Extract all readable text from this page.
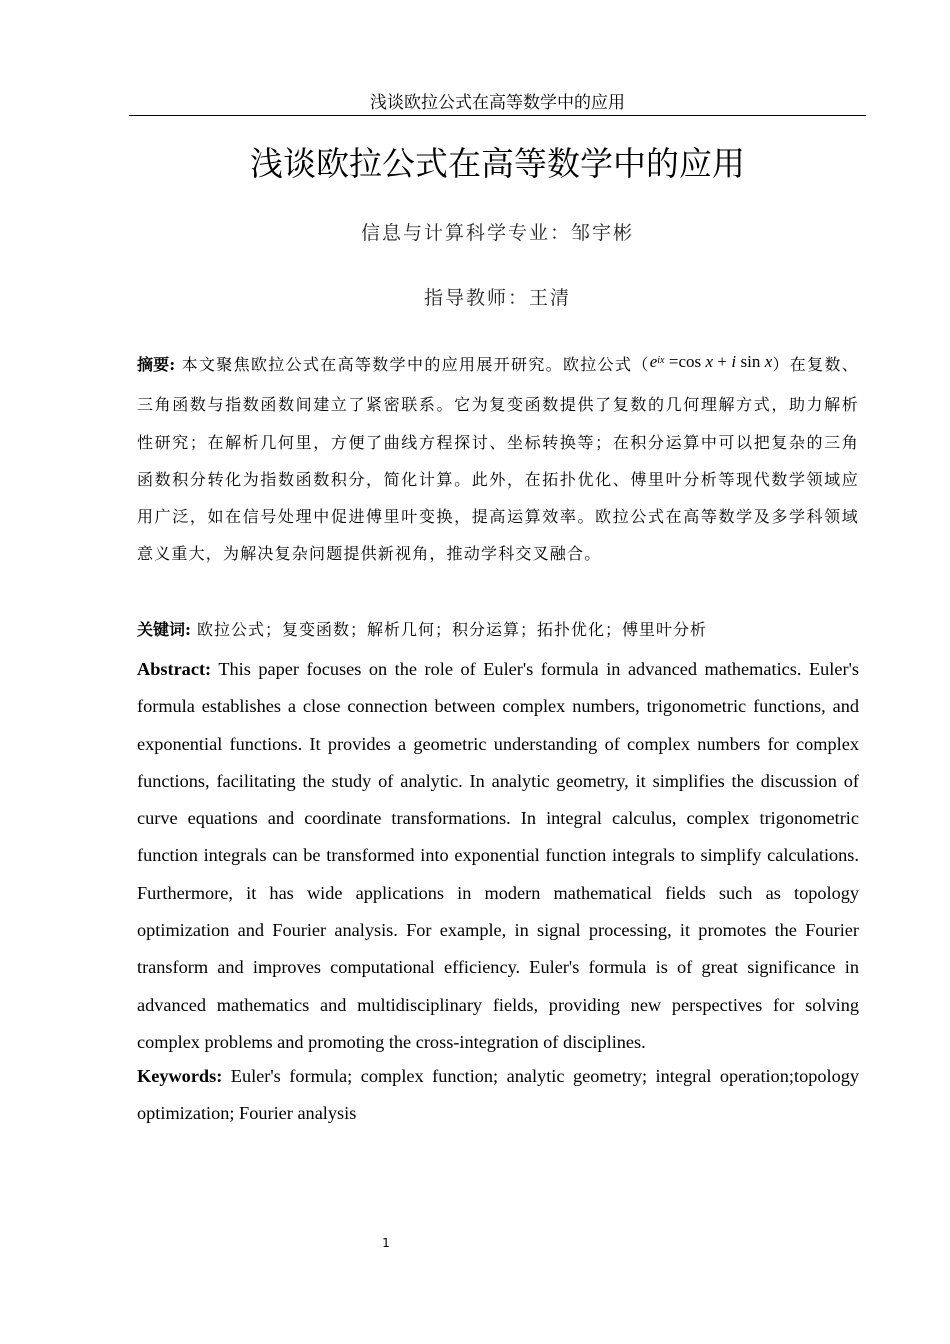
浅谈欧拉公式在高等数学中的应用
浅谈欧拉公式在高等数学中的应用
信息与计算科学专业：邹宇彬
指导教师：王清
摘要: 本文聚焦欧拉公式在高等数学中的应用展开研究。欧拉公式（$e^{ix} =\cos$ x + i sin x）在复数、三角函数与指数函数间建立了紧密联系。它为复变函数提供了复数的几何理解方式，助力解析性研究；在解析几何里，方便了曲线方程探讨、坐标转换等；在积分运算中可以把复杂的三角函数积分转化为指数函数积分，简化计算。此外，在拓扑优化、傅里叶分析等现代数学领域应用广泛，如在信号处理中促进傅里叶变换，提高运算效率。欧拉公式在高等数学及多学科领域意义重大，为解决复杂问题提供新视角，推动学科交叉融合。
关键词: 欧拉公式；复变函数；解析几何；积分运算；拓扑优化；傅里叶分析
Abstract: This paper focuses on the role of Euler's formula in advanced mathematics. Euler's formula establishes a close connection between complex numbers, trigonometric functions, and exponential functions. It provides a geometric understanding of complex numbers for complex functions, facilitating the study of analytic. In analytic geometry, it simplifies the discussion of curve equations and coordinate transformations. In integral calculus, complex trigonometric function integrals can be transformed into exponential function integrals to simplify calculations. Furthermore, it has wide applications in modern mathematical fields such as topology optimization and Fourier analysis. For example, in signal processing, it promotes the Fourier transform and improves computational efficiency. Euler's formula is of great significance in advanced mathematics and multidisciplinary fields, providing new perspectives for solving complex problems and promoting the cross-integration of disciplines.
Keywords: Euler's formula; complex function; analytic geometry; integral operation;topology optimization; Fourier analysis
1
